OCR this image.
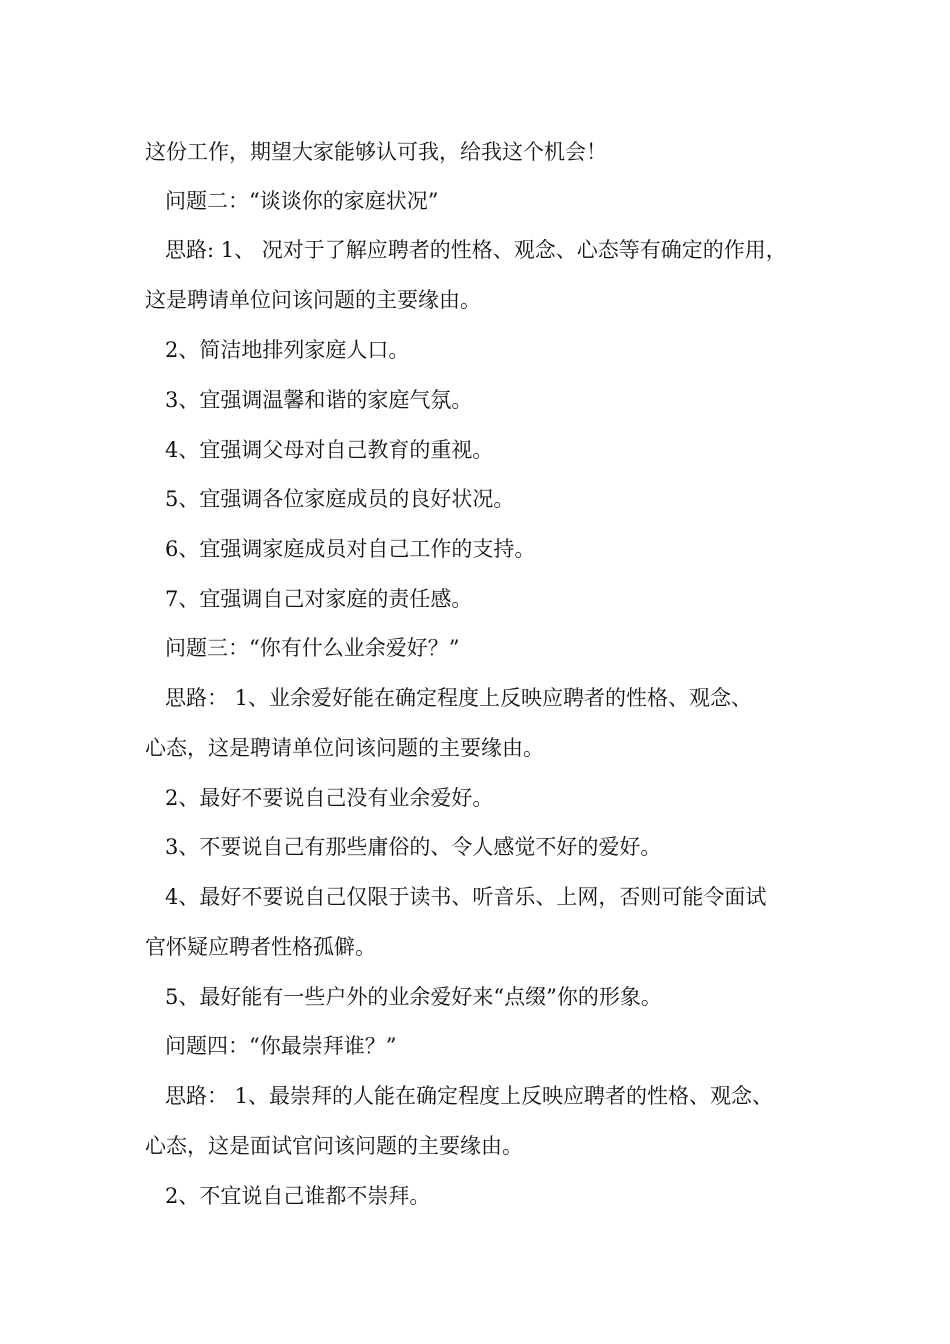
这份工作，期望大家能够认可我，给我这个机会！
问题二：“谈谈你的家庭状况”
思路: 1、 况对于了解应聘者的性格、观念、心态等有确定的作用，
这是聘请单位问该问题的主要缘由。
2、简洁地排列家庭人口。
3、宜强调温馨和谐的家庭气氛。
4、宜强调父母对自己教育的重视。
5、宜强调各位家庭成员的良好状况。
6、宜强调家庭成员对自己工作的支持。
7、宜强调自己对家庭的责任感。
问题三：“你有什么业余爱好？”
思路： 1、业余爱好能在确定程度上反映应聘者的性格、观念、
心态，这是聘请单位问该问题的主要缘由。
2、最好不要说自己没有业余爱好。
3、不要说自己有那些庸俗的、令人感觉不好的爱好。
4、最好不要说自己仅限于读书、听音乐、上网，否则可能令面试
官怀疑应聘者性格孤僻。
5、最好能有一些户外的业余爱好来“点缀”你的形象。
问题四：“你最崇拜谁？”
思路： 1、最崇拜的人能在确定程度上反映应聘者的性格、观念、
心态，这是面试官问该问题的主要缘由。
2、不宜说自己谁都不崇拜。
